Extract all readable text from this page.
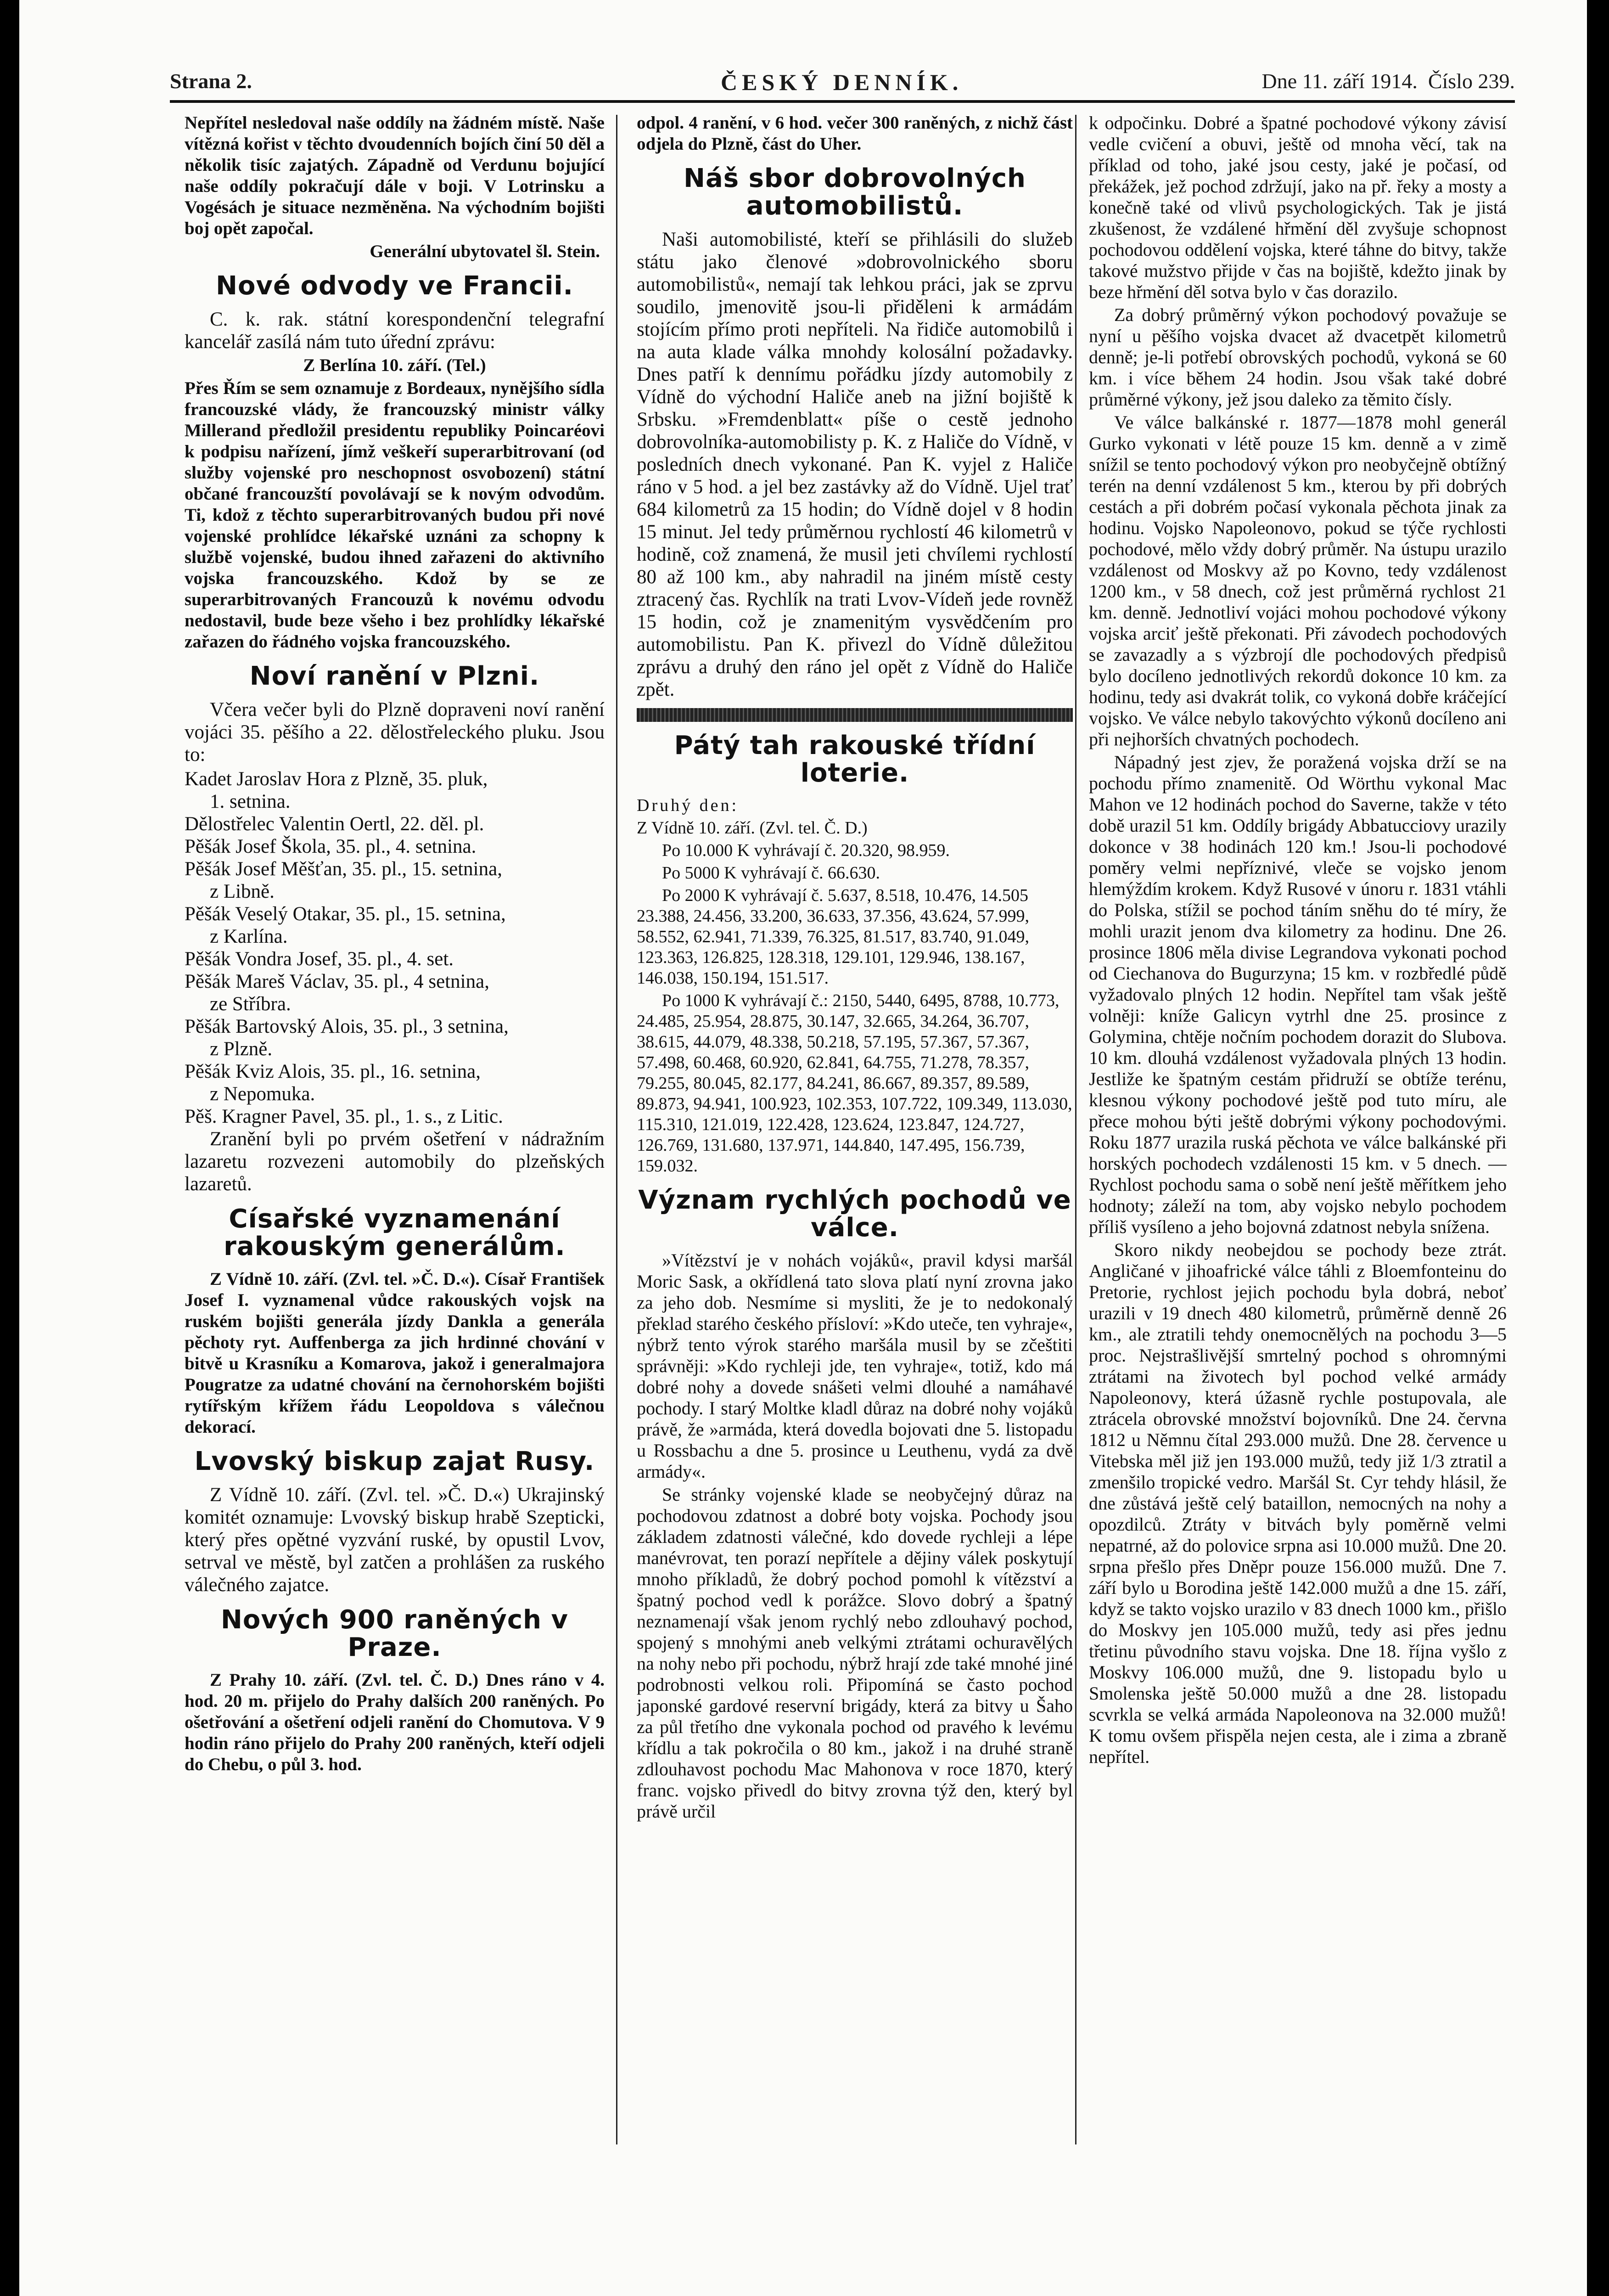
Strana 2.	ČESKÝ DENNÍK.	Dne 11. září 1914. Číslo 239.

Nepřítel nesledoval naše oddíly na žádném místě. Naše vítězná kořist v těchto dvoudenních bojích činí 50 děl a několik tisíc zajatých. Západně od Verdunu bojující naše oddíly pokračují dále v boji. V Lotrinsku a Vogésách je situace nezměněna. Na východním bojišti boj opět započal.

Generální ubytovatel šl. Stein.

Nové odvody ve Francii.

C. k. rak. státní korespondenční telegrafní kancelář zasílá nám tuto úřední zprávu:

Z Berlína 10. září. (Tel.)

Přes Řím se sem oznamuje z Bordeaux, nynějšího sídla francouzské vlády, že francouzský ministr války Millerand předložil presidentu republiky Poincaréovi k podpisu nařízení, jímž veškeří superarbitrovaní (od služby vojenské pro neschopnost osvobození) státní občané francouzští povolávají se k novým odvodům. Ti, kdož z těchto superarbitrovaných budou při nové vojenské prohlídce lékařské uznáni za schopny k službě vojenské, budou ihned zařazeni do aktivního vojska francouzského. Kdož by se ze superarbitrovaných Francouzů k novému odvodu nedostavil, bude beze všeho i bez prohlídky lékařské zařazen do řádného vojska francouzského.

Noví ranění v Plzni.

Včera večer byli do Plzně dopraveni noví ranění vojáci 35. pěšího a 22. dělostřeleckého pluku. Jsou to:

Kadet Jaroslav Hora z Plzně, 35. pluk,

1. setnina.

Dělostřelec Valentin Oertl, 22. děl. pl.

Pěšák Josef Škola, 35. pl., 4. setnina.

Pěšák Josef Měšťan, 35. pl., 15. setnina,

z Libně.

Pěšák Veselý Otakar, 35. pl., 15. setnina,

z Karlína.

Pěšák Vondra Josef, 35. pl., 4. set.

Pěšák Mareš Václav, 35. pl., 4 setnina,

ze Stříbra.

Pěšák Bartovský Alois, 35. pl., 3 setnina,

z Plzně.

Pěšák Kviz Alois, 35. pl., 16. setnina,

z Nepomuka.

Pěš. Kragner Pavel, 35. pl., 1. s., z Litic.

Zranění byli po prvém ošetření v nádražním lazaretu rozvezeni automobily do plzeňských lazaretů.

Císařské vyznamenání rakouským generálům.

Z Vídně 10. září. (Zvl. tel. »Č. D.«). Císař František Josef I. vyznamenal vůdce rakouských vojsk na ruském bojišti generála jízdy Dankla a generála pěchoty ryt. Auffenberga za jich hrdinné chování v bitvě u Krasníku a Komarova, jakož i generalmajora Pougratze za udatné chování na černohorském bojišti rytířským křížem řádu Leopoldova s válečnou dekorací.

Lvovský biskup zajat Rusy.

Z Vídně 10. září. (Zvl. tel. »Č. D.«) Ukrajinský komitét oznamuje: Lvovský biskup hrabě Szepticki, který přes opětné vyzvání ruské, by opustil Lvov, setrval ve městě, byl zatčen a prohlášen za ruského válečného zajatce.

Nových 900 raněných v Praze.

Z Prahy 10. září. (Zvl. tel. Č. D.) Dnes ráno v 4. hod. 20 m. přijelo do Prahy dalších 200 raněných. Po ošetřování a ošetření odjeli ranění do Chomutova. V 9 hodin ráno přijelo do Prahy 200 raněných, kteří odjeli do Chebu, o půl 3. hod.

odpol. 4 ranění, v 6 hod. večer 300 raněných, z nichž část odjela do Plzně, část do Uher.

Náš sbor dobrovolných automobilistů.

Naši automobilisté, kteří se přihlásili do služeb státu jako členové »dobrovolnického sboru automobilistů«, nemají tak lehkou práci, jak se zprvu soudilo, jmenovitě jsou-li přiděleni k armádám stojícím přímo proti nepříteli. Na řidiče automobilů i na auta klade válka mnohdy kolosální požadavky. Dnes patří k dennímu pořádku jízdy automobily z Vídně do východní Haliče aneb na jižní bojiště k Srbsku. »Fremdenblatt« píše o cestě jednoho dobrovolníka-automobilisty p. K. z Haliče do Vídně, v posledních dnech vykonané. Pan K. vyjel z Haliče ráno v 5 hod. a jel bez zastávky až do Vídně. Ujel trať 684 kilometrů za 15 hodin; do Vídně dojel v 8 hodin 15 minut. Jel tedy průměrnou rychlostí 46 kilometrů v hodině, což znamená, že musil jeti chvílemi rychlostí 80 až 100 km., aby nahradil na jiném místě cesty ztracený čas. Rychlík na trati Lvov-Vídeň jede rovněž 15 hodin, což je znamenitým vysvědčením pro automobilistu. Pan K. přivezl do Vídně důležitou zprávu a druhý den ráno jel opět z Vídně do Haliče zpět.

Pátý tah rakouské třídní loterie.

Druhý den:

Z Vídně 10. září. (Zvl. tel. Č. D.)

Po 10.000 K vyhrávají č. 20.320, 98.959.

Po 5000 K vyhrávají č. 66.630.

Po 2000 K vyhrávají č. 5.637, 8.518, 10.476, 14.505 23.388, 24.456, 33.200, 36.633, 37.356, 43.624, 57.999, 58.552, 62.941, 71.339, 76.325, 81.517, 83.740, 91.049, 123.363, 126.825, 128.318, 129.101, 129.946, 138.167, 146.038, 150.194, 151.517.

Po 1000 K vyhrávají č.: 2150, 5440, 6495, 8788, 10.773, 24.485, 25.954, 28.875, 30.147, 32.665, 34.264, 36.707, 38.615, 44.079, 48.338, 50.218, 57.195, 57.367, 57.367, 57.498, 60.468, 60.920, 62.841, 64.755, 71.278, 78.357, 79.255, 80.045, 82.177, 84.241, 86.667, 89.357, 89.589, 89.873, 94.941, 100.923, 102.353, 107.722, 109.349, 113.030, 115.310, 121.019, 122.428, 123.624, 123.847, 124.727, 126.769, 131.680, 137.971, 144.840, 147.495, 156.739, 159.032.

Význam rychlých pochodů ve válce.

»Vítězství je v nohách vojáků«, pravil kdysi maršál Moric Sask, a okřídlená tato slova platí nyní zrovna jako za jeho dob. Nesmíme si mysliti, že je to nedokonalý překlad starého českého přísloví: »Kdo uteče, ten vyhraje«, nýbrž tento výrok starého maršála musil by se zčeštiti správněji: »Kdo rychleji jde, ten vyhraje«, totiž, kdo má dobré nohy a dovede snášeti velmi dlouhé a namáhavé pochody. I starý Moltke kladl důraz na dobré nohy vojáků právě, že »armáda, která dovedla bojovati dne 5. listopadu u Rossbachu a dne 5. prosince u Leuthenu, vydá za dvě armády«.

Se stránky vojenské klade se neobyčejný důraz na pochodovou zdatnost a dobré boty vojska. Pochody jsou základem zdatnosti válečné, kdo dovede rychleji a lépe manévrovat, ten porazí nepřítele a dějiny válek poskytují mnoho příkladů, že dobrý pochod pomohl k vítězství a špatný pochod vedl k porážce. Slovo dobrý a špatný neznamenají však jenom rychlý nebo zdlouhavý pochod, spojený s mnohými aneb velkými ztrátami ochuravělých na nohy nebo při pochodu, nýbrž hrají zde také mnohé jiné podrobnosti velkou roli. Připomíná se často pochod japonské gardové reservní brigády, která za bitvy u Šaho za půl třetího dne vykonala pochod od pravého k levému křídlu a tak pokročila o 80 km., jakož i na druhé straně zdlouhavost pochodu Mac Mahonova v roce 1870, který franc. vojsko přivedl do bitvy zrovna týž den, který byl právě určil

k odpočinku. Dobré a špatné pochodové výkony závisí vedle cvičení a obuvi, ještě od mnoha věcí, tak na příklad od toho, jaké jsou cesty, jaké je počasí, od překážek, jež pochod zdržují, jako na př. řeky a mosty a konečně také od vlivů psychologických. Tak je jistá zkušenost, že vzdálené hřmění děl zvyšuje schopnost pochodovou oddělení vojska, které táhne do bitvy, takže takové mužstvo přijde v čas na bojiště, kdežto jinak by beze hřmění děl sotva bylo v čas dorazilo.

Za dobrý průměrný výkon pochodový považuje se nyní u pěšího vojska dvacet až dvacetpět kilometrů denně; je-li potřebí obrovských pochodů, vykoná se 60 km. i více během 24 hodin. Jsou však také dobré průměrné výkony, jež jsou daleko za těmito čísly.

Ve válce balkánské r. 1877—1878 mohl generál Gurko vykonati v létě pouze 15 km. denně a v zimě snížil se tento pochodový výkon pro neobyčejně obtížný terén na denní vzdálenost 5 km., kterou by při dobrých cestách a při dobrém počasí vykonala pěchota jinak za hodinu. Vojsko Napoleonovo, pokud se týče rychlosti pochodové, mělo vždy dobrý průměr. Na ústupu urazilo vzdálenost od Moskvy až po Kovno, tedy vzdálenost 1200 km., v 58 dnech, což jest průměrná rychlost 21 km. denně. Jednotliví vojáci mohou pochodové výkony vojska arciť ještě překonati. Při závodech pochodových se zavazadly a s výzbrojí dle pochodových předpisů bylo docíleno jednotlivých rekordů dokonce 10 km. za hodinu, tedy asi dvakrát tolik, co vykoná dobře kráčející vojsko. Ve válce nebylo takovýchto výkonů docíleno ani při nejhorších chvatných pochodech.

Nápadný jest zjev, že poražená vojska drží se na pochodu přímo znamenitě. Od Wörthu vykonal Mac Mahon ve 12 hodinách pochod do Saverne, takže v této době urazil 51 km. Oddíly brigády Abbatucciovy urazily dokonce v 38 hodinách 120 km.! Jsou-li pochodové poměry velmi nepříznivé, vleče se vojsko jenom hlemýždím krokem. Když Rusové v únoru r. 1831 vtáhli do Polska, stížil se pochod táním sněhu do té míry, že mohli urazit jenom dva kilometry za hodinu. Dne 26. prosince 1806 měla divise Legrandova vykonati pochod od Ciechanova do Bugurzyna; 15 km. v rozbředlé půdě vyžadovalo plných 12 hodin. Nepřítel tam však ještě volněji: kníže Galicyn vytrhl dne 25. prosince z Golymina, chtěje nočním pochodem dorazit do Slubova. 10 km. dlouhá vzdálenost vyžadovala plných 13 hodin. Jestliže ke špatným cestám přidruží se obtíže terénu, klesnou výkony pochodové ještě pod tuto míru, ale přece mohou býti ještě dobrými výkony pochodovými. Roku 1877 urazila ruská pěchota ve válce balkánské při horských pochodech vzdálenosti 15 km. v 5 dnech. — Rychlost pochodu sama o sobě není ještě měřítkem jeho hodnoty; záleží na tom, aby vojsko nebylo pochodem příliš vysíleno a jeho bojovná zdatnost nebyla snížena.

Skoro nikdy neobejdou se pochody beze ztrát. Angličané v jihoafrické válce táhli z Bloemfonteinu do Pretorie, rychlost jejich pochodu byla dobrá, neboť urazili v 19 dnech 480 kilometrů, průměrně denně 26 km., ale ztratili tehdy onemocnělých na pochodu 3—5 proc. Nejstrašlivější smrtelný pochod s ohromnými ztrátami na životech byl pochod velké armády Napoleonovy, která úžasně rychle postupovala, ale ztrácela obrovské množství bojovníků. Dne 24. června 1812 u Němnu čítal 293.000 mužů. Dne 28. července u Vitebska měl již jen 193.000 mužů, tedy již 1/3 ztratil a zmenšilo tropické vedro. Maršál St. Cyr tehdy hlásil, že dne zůstává ještě celý bataillon, nemocných na nohy a opozdilců. Ztráty v bitvách byly poměrně velmi nepatrné, až do polovice srpna asi 10.000 mužů. Dne 20. srpna přešlo přes Dněpr pouze 156.000 mužů. Dne 7. září bylo u Borodina ještě 142.000 mužů a dne 15. září, když se takto vojsko urazilo v 83 dnech 1000 km., přišlo do Moskvy jen 105.000 mužů, tedy asi přes jednu třetinu původního stavu vojska. Dne 18. října vyšlo z Moskvy 106.000 mužů, dne 9. listopadu bylo u Smolenska ještě 50.000 mužů a dne 28. listopadu scvrkla se velká armáda Napoleonova na 32.000 mužů! K tomu ovšem přispěla nejen cesta, ale i zima a zbraně nepřítel.
